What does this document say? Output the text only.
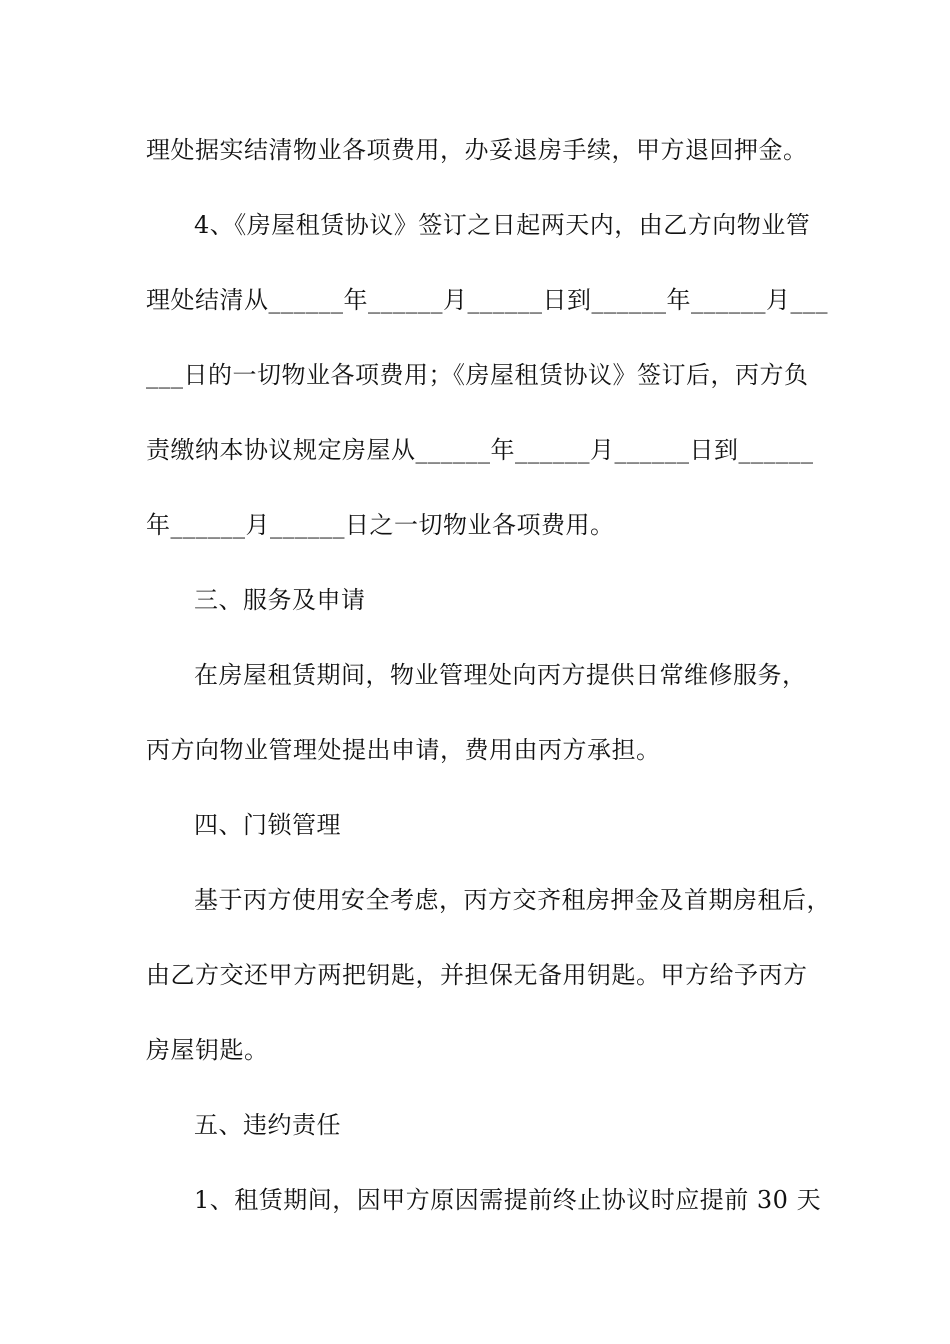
理处据实结清物业各项费用，办妥退房手续，甲方退回押金。
4、《房屋租赁协议》签订之日起两天内，由乙方向物业管
理处结清从______年______月______日到______年______月___
___日的一切物业各项费用；《房屋租赁协议》签订后，丙方负
责缴纳本协议规定房屋从______年______月______日到______
年______月______日之一切物业各项费用。
三、服务及申请
在房屋租赁期间，物业管理处向丙方提供日常维修服务，
丙方向物业管理处提出申请，费用由丙方承担。
四、门锁管理
基于丙方使用安全考虑，丙方交齐租房押金及首期房租后，
由乙方交还甲方两把钥匙，并担保无备用钥匙。甲方给予丙方
房屋钥匙。
五、违约责任
1、租赁期间，因甲方原因需提前终止协议时应提前 30 天
